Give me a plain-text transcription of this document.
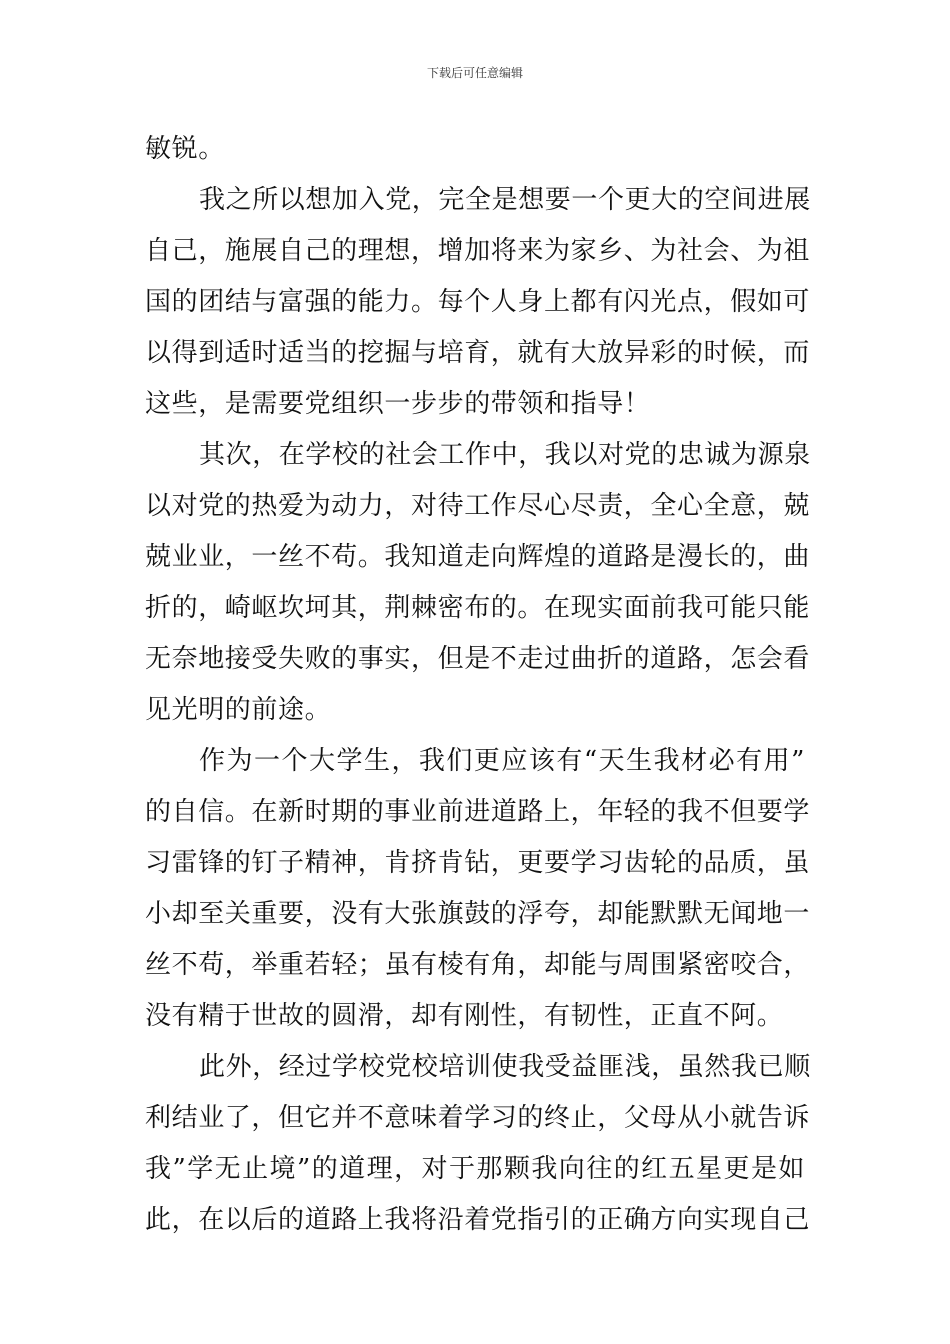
下载后可任意编辑
敏锐。
我之所以想加入党，完全是想要一个更大的空间进展
自己，施展自己的理想，增加将来为家乡、为社会、为祖
国的团结与富强的能力。每个人身上都有闪光点，假如可
以得到适时适当的挖掘与培育，就有大放异彩的时候，而
这些，是需要党组织一步步的带领和指导！
其次，在学校的社会工作中，我以对党的忠诚为源泉
以对党的热爱为动力，对待工作尽心尽责，全心全意，兢
兢业业，一丝不苟。我知道走向辉煌的道路是漫长的，曲
折的，崎岖坎坷其，荆棘密布的。在现实面前我可能只能
无奈地接受失败的事实，但是不走过曲折的道路，怎会看
见光明的前途。
作为一个大学生，我们更应该有“天生我材必有用”
的自信。在新时期的事业前进道路上，年轻的我不但要学
习雷锋的钉子精神，肯挤肯钻，更要学习齿轮的品质，虽
小却至关重要，没有大张旗鼓的浮夸，却能默默无闻地一
丝不苟，举重若轻；虽有棱有角，却能与周围紧密咬合，
没有精于世故的圆滑，却有刚性，有韧性，正直不阿。
此外，经过学校党校培训使我受益匪浅，虽然我已顺
利结业了，但它并不意味着学习的终止，父母从小就告诉
我”学无止境”的道理，对于那颗我向往的红五星更是如
此，在以后的道路上我将沿着党指引的正确方向实现自己
